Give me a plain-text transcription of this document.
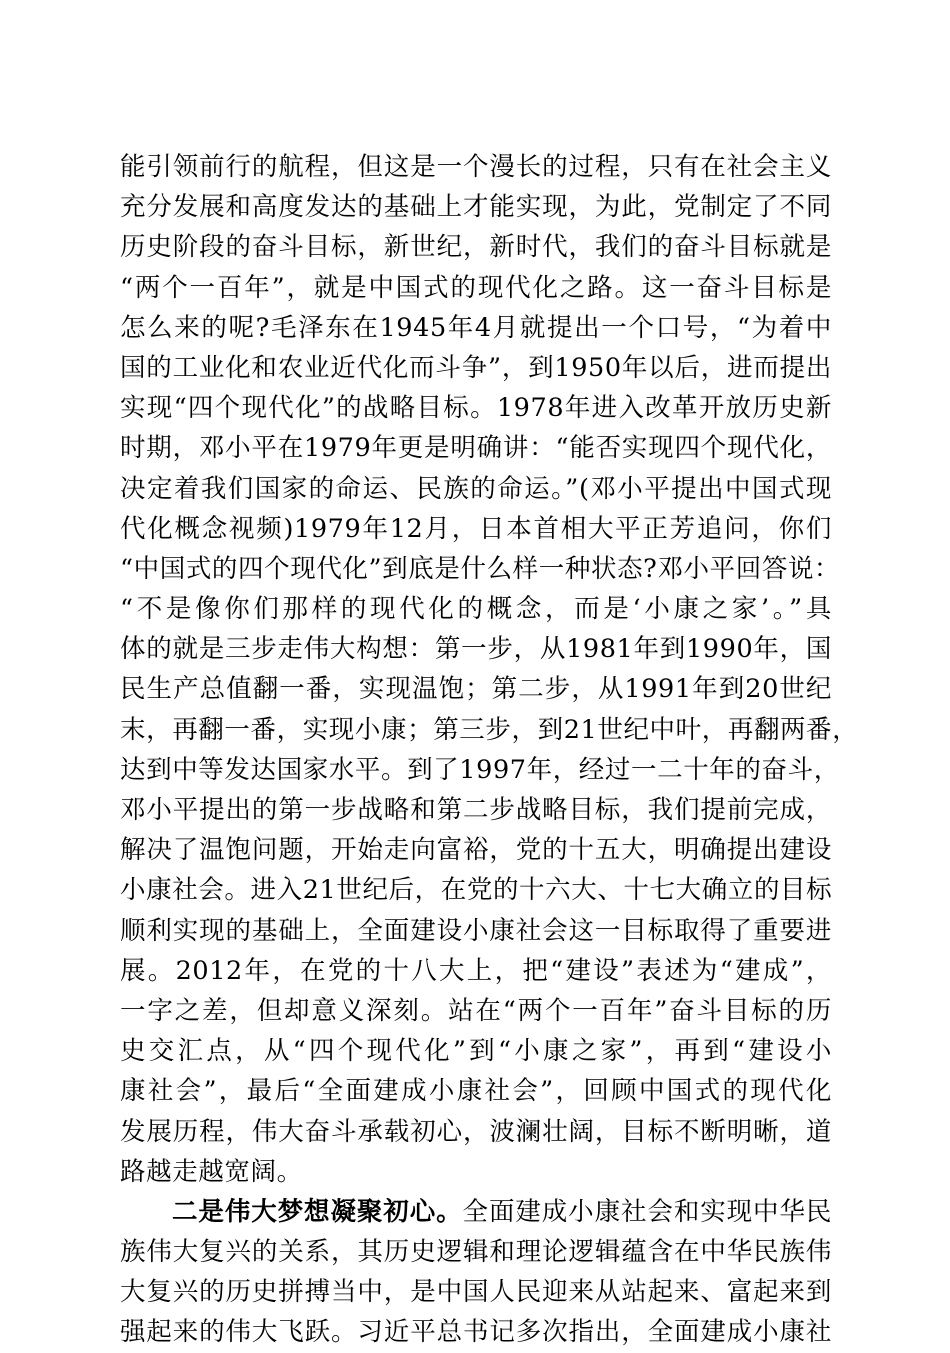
能引领前行的航程，但这是一个漫长的过程，只有在社会主义
充分发展和高度发达的基础上才能实现，为此，党制定了不同
历史阶段的奋斗目标，新世纪，新时代，我们的奋斗目标就是
“两个一百年”，就是中国式的现代化之路。这一奋斗目标是
怎么来的呢?毛泽东在1945年4月就提出一个口号，“为着中
国的工业化和农业近代化而斗争”，到1950年以后，进而提出
实现“四个现代化”的战略目标。1978年进入改革开放历史新
时期，邓小平在1979年更是明确讲：“能否实现四个现代化，
决定着我们国家的命运、民族的命运。”(邓小平提出中国式现
代化概念视频)1979年12月，日本首相大平正芳追问，你们
“中国式的四个现代化”到底是什么样一种状态?邓小平回答说：
“不是像你们那样的现代化的概念，而是‘小康之家’。”具
体的就是三步走伟大构想：第一步，从1981年到1990年，国
民生产总值翻一番，实现温饱；第二步，从1991年到20世纪
末，再翻一番，实现小康；第三步，到21世纪中叶，再翻两番，
达到中等发达国家水平。到了1997年，经过一二十年的奋斗，
邓小平提出的第一步战略和第二步战略目标，我们提前完成，
解决了温饱问题，开始走向富裕，党的十五大，明确提出建设
小康社会。进入21世纪后，在党的十六大、十七大确立的目标
顺利实现的基础上，全面建设小康社会这一目标取得了重要进
展。2012年，在党的十八大上，把“建设”表述为“建成”，
一字之差，但却意义深刻。站在“两个一百年”奋斗目标的历
史交汇点，从“四个现代化”到“小康之家”，再到“建设小
康社会”，最后“全面建成小康社会”，回顾中国式的现代化
发展历程，伟大奋斗承载初心，波澜壮阔，目标不断明晰，道
路越走越宽阔。
二是伟大梦想凝聚初心。全面建成小康社会和实现中华民
族伟大复兴的关系，其历史逻辑和理论逻辑蕴含在中华民族伟
大复兴的历史拼搏当中，是中国人民迎来从站起来、富起来到
强起来的伟大飞跃。习近平总书记多次指出，全面建成小康社
